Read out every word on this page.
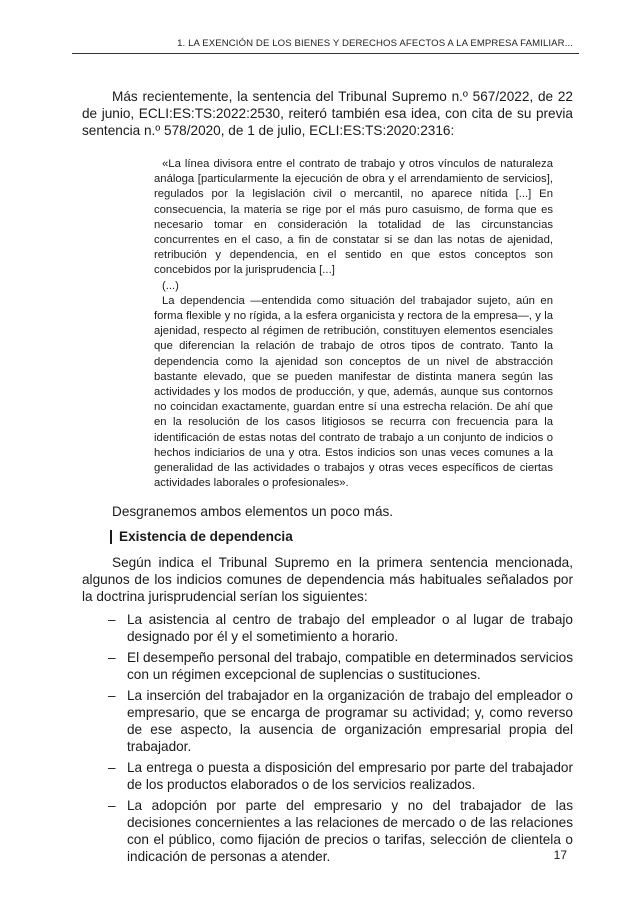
1. LA EXENCIÓN DE LOS BIENES Y DERECHOS AFECTOS A LA EMPRESA FAMILIAR...

Más recientemente, la sentencia del Tribunal Supremo n.º 567/2022, de 22 de junio, ECLI:ES:TS:2022:2530, reiteró también esa idea, con cita de su previa sentencia n.º 578/2020, de 1 de julio, ECLI:ES:TS:2020:2316:

«La línea divisora entre el contrato de trabajo y otros vínculos de naturaleza análoga [particularmente la ejecución de obra y el arrendamiento de servicios], regulados por la legislación civil o mercantil, no aparece nítida [...] En consecuencia, la materia se rige por el más puro casuismo, de forma que es necesario tomar en consideración la totalidad de las circunstancias concurrentes en el caso, a fin de constatar si se dan las notas de ajenidad, retribución y dependencia, en el sentido en que estos conceptos son concebidos por la jurisprudencia [...]

(...)

La dependencia —entendida como situación del trabajador sujeto, aún en forma flexible y no rígida, a la esfera organicista y rectora de la empresa—, y la ajenidad, respecto al régimen de retribución, constituyen elementos esenciales que diferencian la relación de trabajo de otros tipos de contrato. Tanto la dependencia como la ajenidad son conceptos de un nivel de abstracción bastante elevado, que se pueden manifestar de distinta manera según las actividades y los modos de producción, y que, además, aunque sus contornos no coincidan exactamente, guardan entre sí una estrecha relación. De ahí que en la resolución de los casos litigiosos se recurra con frecuencia para la identificación de estas notas del contrato de trabajo a un conjunto de indicios o hechos indiciarios de una y otra. Estos indicios son unas veces comunes a la generalidad de las actividades o trabajos y otras veces específicos de ciertas actividades laborales o profesionales».

Desgranemos ambos elementos un poco más.

Existencia de dependencia

Según indica el Tribunal Supremo en la primera sentencia mencionada, algunos de los indicios comunes de dependencia más habituales señalados por la doctrina jurisprudencial serían los siguientes:

– La asistencia al centro de trabajo del empleador o al lugar de trabajo designado por él y el sometimiento a horario.
– El desempeño personal del trabajo, compatible en determinados servicios con un régimen excepcional de suplencias o sustituciones.
– La inserción del trabajador en la organización de trabajo del empleador o empresario, que se encarga de programar su actividad; y, como reverso de ese aspecto, la ausencia de organización empresarial propia del trabajador.
– La entrega o puesta a disposición del empresario por parte del trabajador de los productos elaborados o de los servicios realizados.
– La adopción por parte del empresario y no del trabajador de las decisiones concernientes a las relaciones de mercado o de las relaciones con el público, como fijación de precios o tarifas, selección de clientela o indicación de personas a atender.	17
